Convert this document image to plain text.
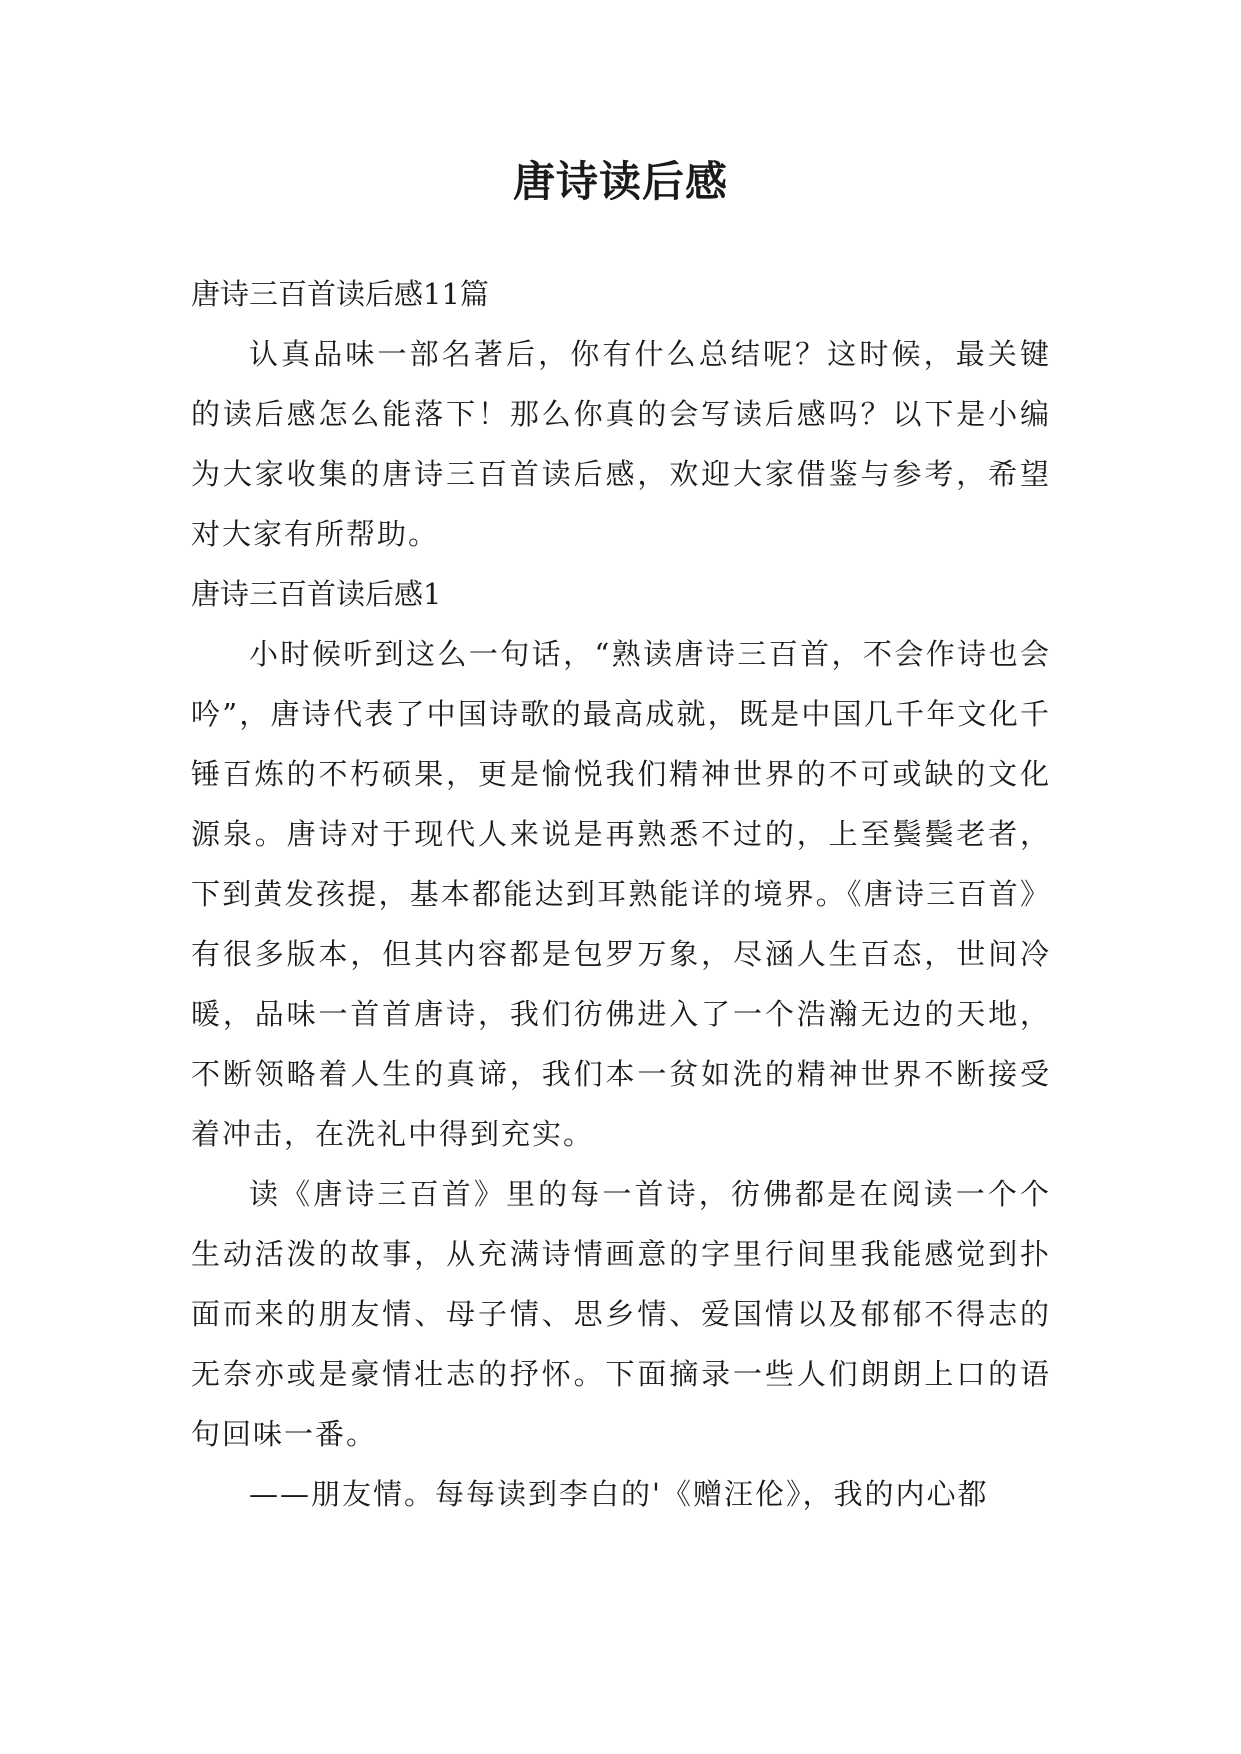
唐诗读后感

唐诗三百首读后感11篇

认真品味一部名著后，你有什么总结呢？这时候，最关键的读后感怎么能落下！那么你真的会写读后感吗？以下是小编为大家收集的唐诗三百首读后感，欢迎大家借鉴与参考，希望对大家有所帮助。

唐诗三百首读后感1

小时候听到这么一句话，“熟读唐诗三百首，不会作诗也会吟”，唐诗代表了中国诗歌的最高成就，既是中国几千年文化千锤百炼的不朽硕果，更是愉悦我们精神世界的不可或缺的文化源泉。唐诗对于现代人来说是再熟悉不过的，上至鬓鬓老者，下到黄发孩提，基本都能达到耳熟能详的境界。《唐诗三百首》有很多版本，但其内容都是包罗万象，尽涵人生百态，世间冷暖，品味一首首唐诗，我们彷佛进入了一个浩瀚无边的天地，不断领略着人生的真谛，我们本一贫如洗的精神世界不断接受着冲击，在洗礼中得到充实。

读《唐诗三百首》里的每一首诗，彷佛都是在阅读一个个生动活泼的故事，从充满诗情画意的字里行间里我能感觉到扑面而来的朋友情、母子情、思乡情、爱国情以及郁郁不得志的无奈亦或是豪情壮志的抒怀。下面摘录一些人们朗朗上口的语句回味一番。

——朋友情。每每读到李白的'《赠汪伦》，我的内心都
